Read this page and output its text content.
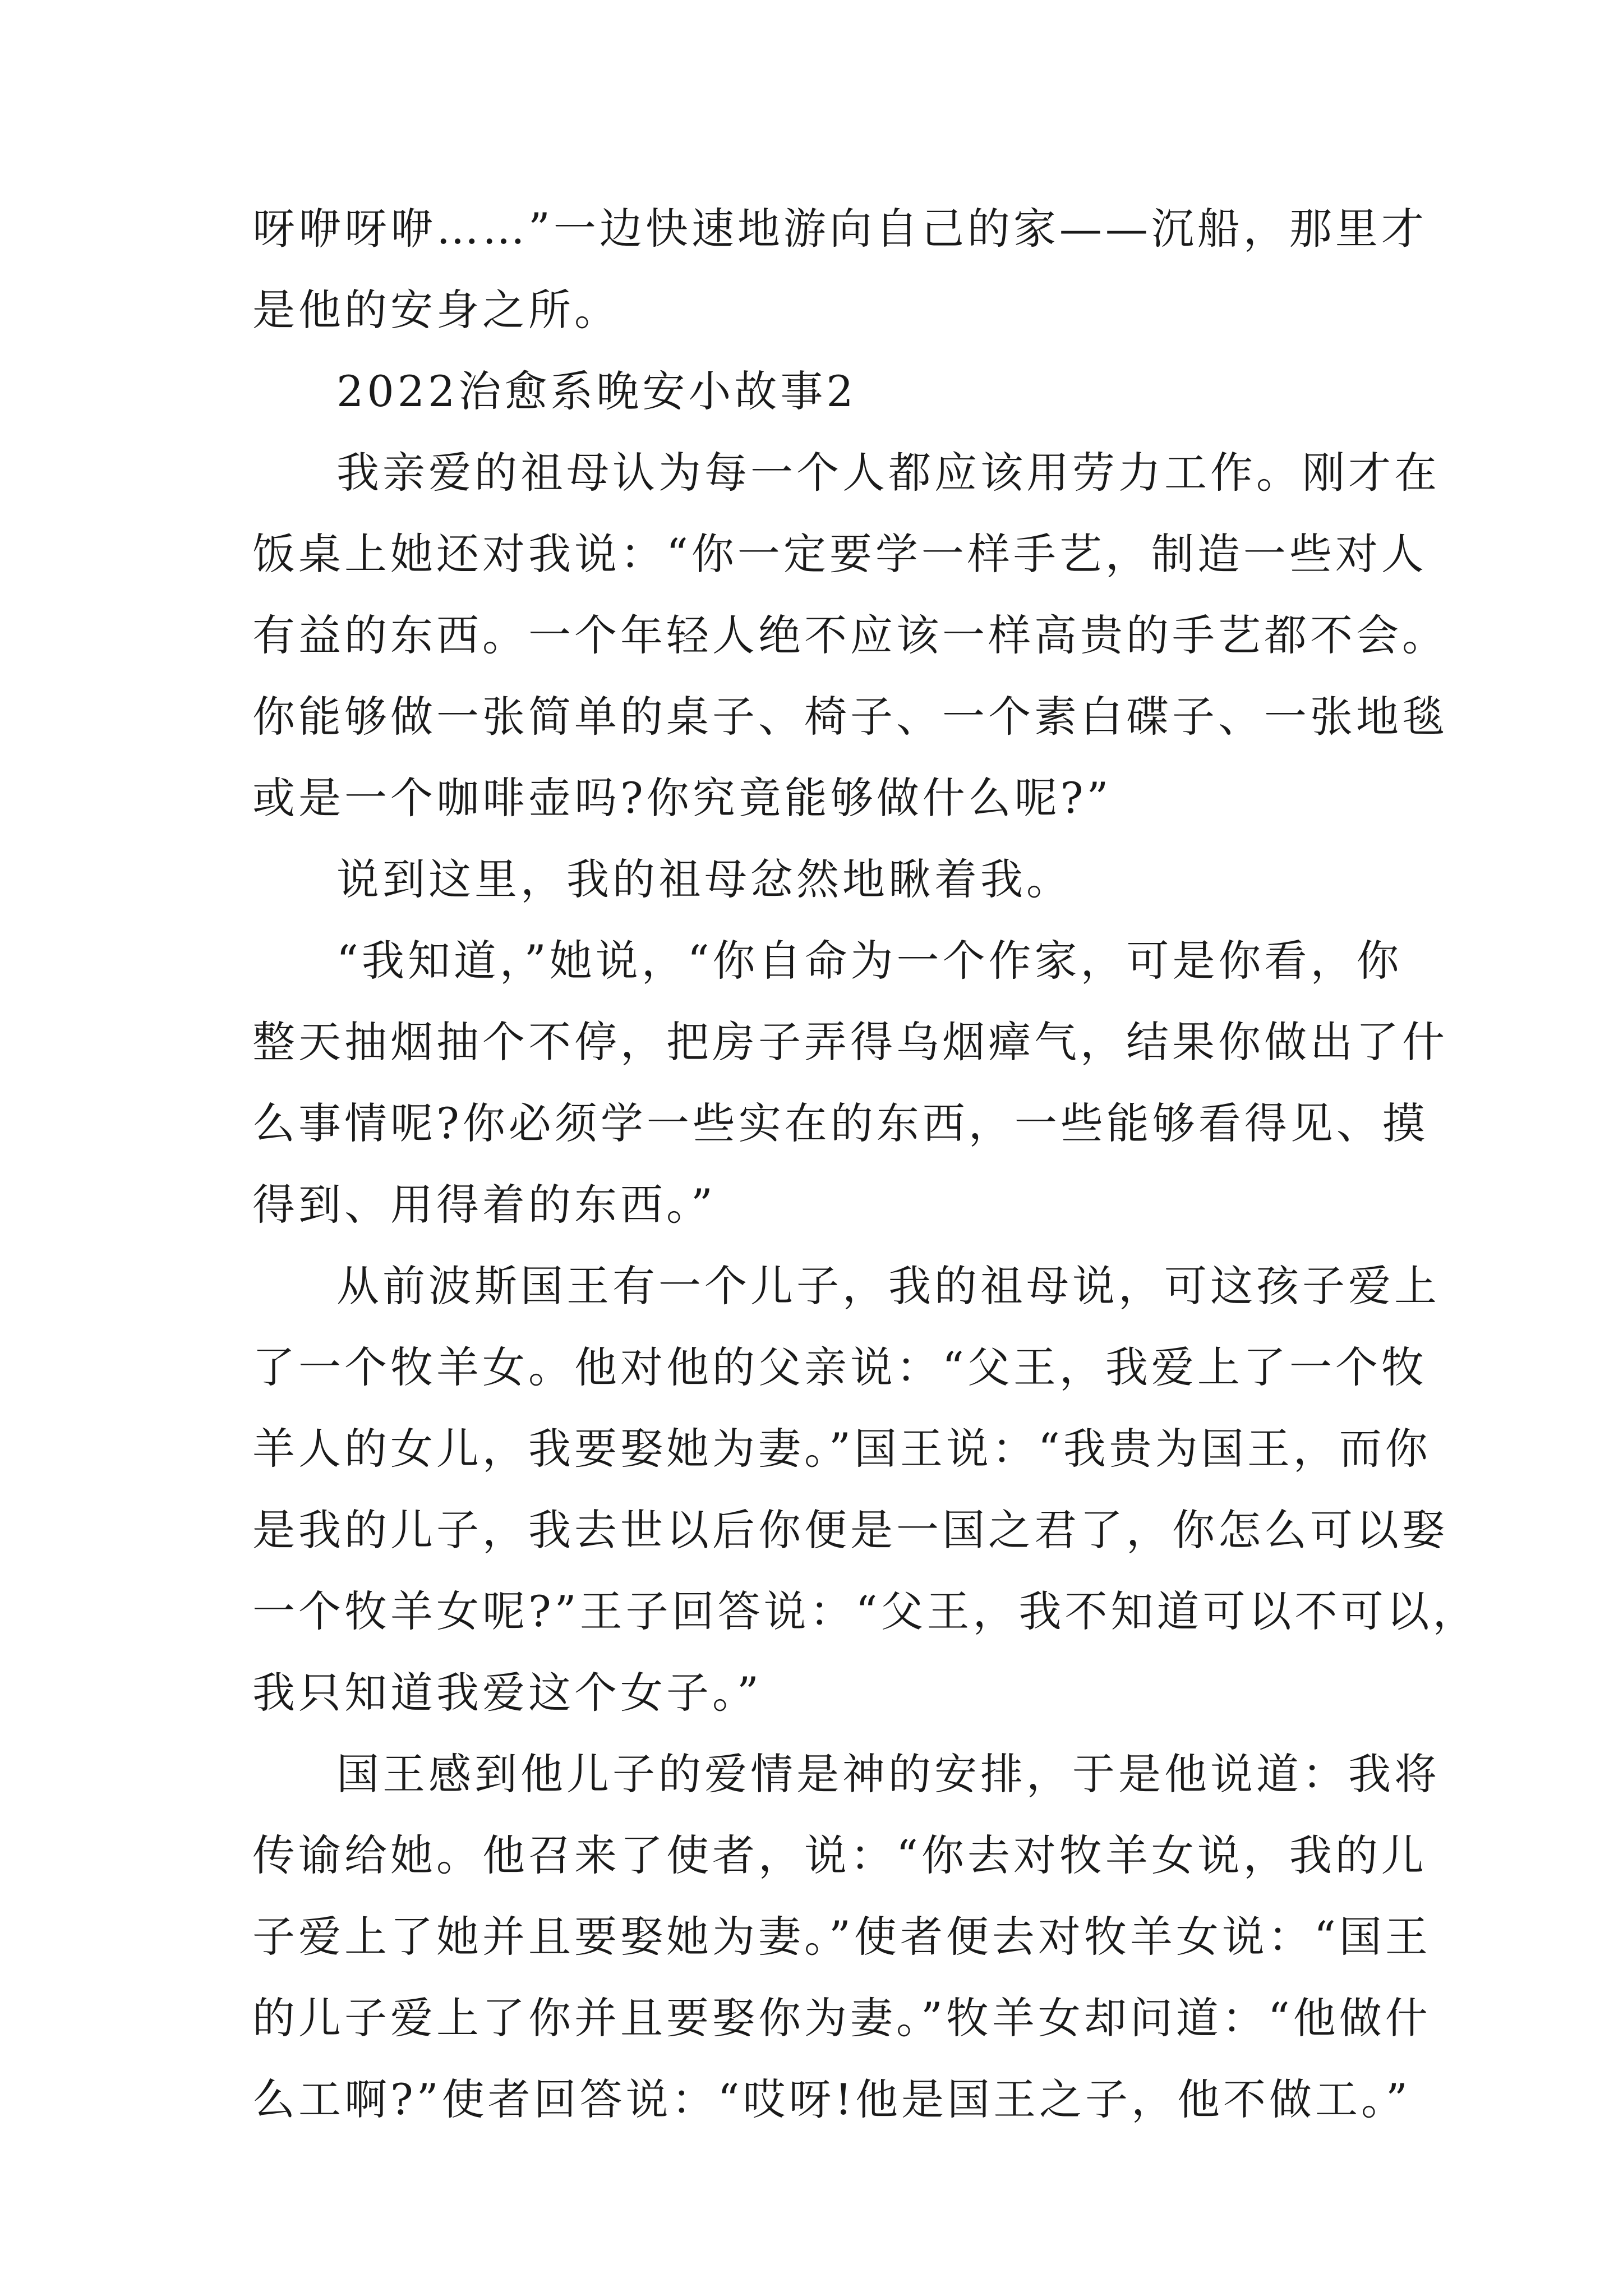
呀咿呀咿……”一边快速地游向自己的家——沉船，那里才
是他的安身之所。
2022治愈系晚安小故事2
我亲爱的祖母认为每一个人都应该用劳力工作。刚才在
饭桌上她还对我说：“你一定要学一样手艺，制造一些对人
有益的东西。一个年轻人绝不应该一样高贵的手艺都不会。
你能够做一张简单的桌子、椅子、一个素白碟子、一张地毯
或是一个咖啡壶吗?你究竟能够做什么呢?”
说到这里，我的祖母忿然地瞅着我。
“我知道，”她说，“你自命为一个作家，可是你看，你
整天抽烟抽个不停，把房子弄得乌烟瘴气，结果你做出了什
么事情呢?你必须学一些实在的东西，一些能够看得见、摸
得到、用得着的东西。”
从前波斯国王有一个儿子，我的祖母说，可这孩子爱上
了一个牧羊女。他对他的父亲说：“父王，我爱上了一个牧
羊人的女儿，我要娶她为妻。”国王说：“我贵为国王，而你
是我的儿子，我去世以后你便是一国之君了，你怎么可以娶
一个牧羊女呢?”王子回答说：“父王，我不知道可以不可以，
我只知道我爱这个女子。”
国王感到他儿子的爱情是神的安排，于是他说道：我将
传谕给她。他召来了使者，说：“你去对牧羊女说，我的儿
子爱上了她并且要娶她为妻。”使者便去对牧羊女说：“国王
的儿子爱上了你并且要娶你为妻。”牧羊女却问道：“他做什
么工啊?”使者回答说：“哎呀!他是国王之子，他不做工。”
